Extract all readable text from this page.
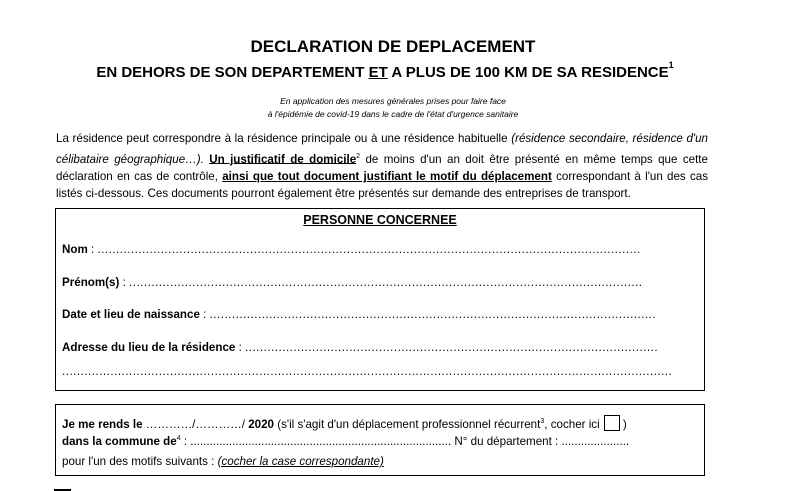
DECLARATION DE DEPLACEMENT
EN DEHORS DE SON DEPARTEMENT ET A PLUS DE 100 KM DE SA RESIDENCE$^1$
En application des mesures générales prises pour faire face
à l'épidémie de covid-19 dans le cadre de l'état d'urgence sanitaire
La résidence peut correspondre à la résidence principale ou à une résidence habituelle (résidence secondaire, résidence d'un célibataire géographique…). Un justificatif de domicile$^2$ de moins d'un an doit être présenté en même temps que cette déclaration en cas de contrôle, ainsi que tout document justifiant le motif du déplacement correspondant à l'un des cas listés ci-dessous. Ces documents pourront également être présentés sur demande des entreprises de transport.
PERSONNE CONCERNEE
Nom : ..................................................................................................................................................
Prénom(s) : ..........................................................................................................................................
Date et lieu de naissance : ........................................................................................................................
Adresse du lieu de la résidence : ...............................................................................................................
....................................................................................................................................................................
Je me rends le …………/…………/ 2020 (s'il s'agit d'un déplacement professionnel récurrent$^3$, cocher ici )
dans la commune $de^4$ : ................................................................................. N° du département : .....................
pour l'un des motifs suivants : (cocher la case correspondante)
